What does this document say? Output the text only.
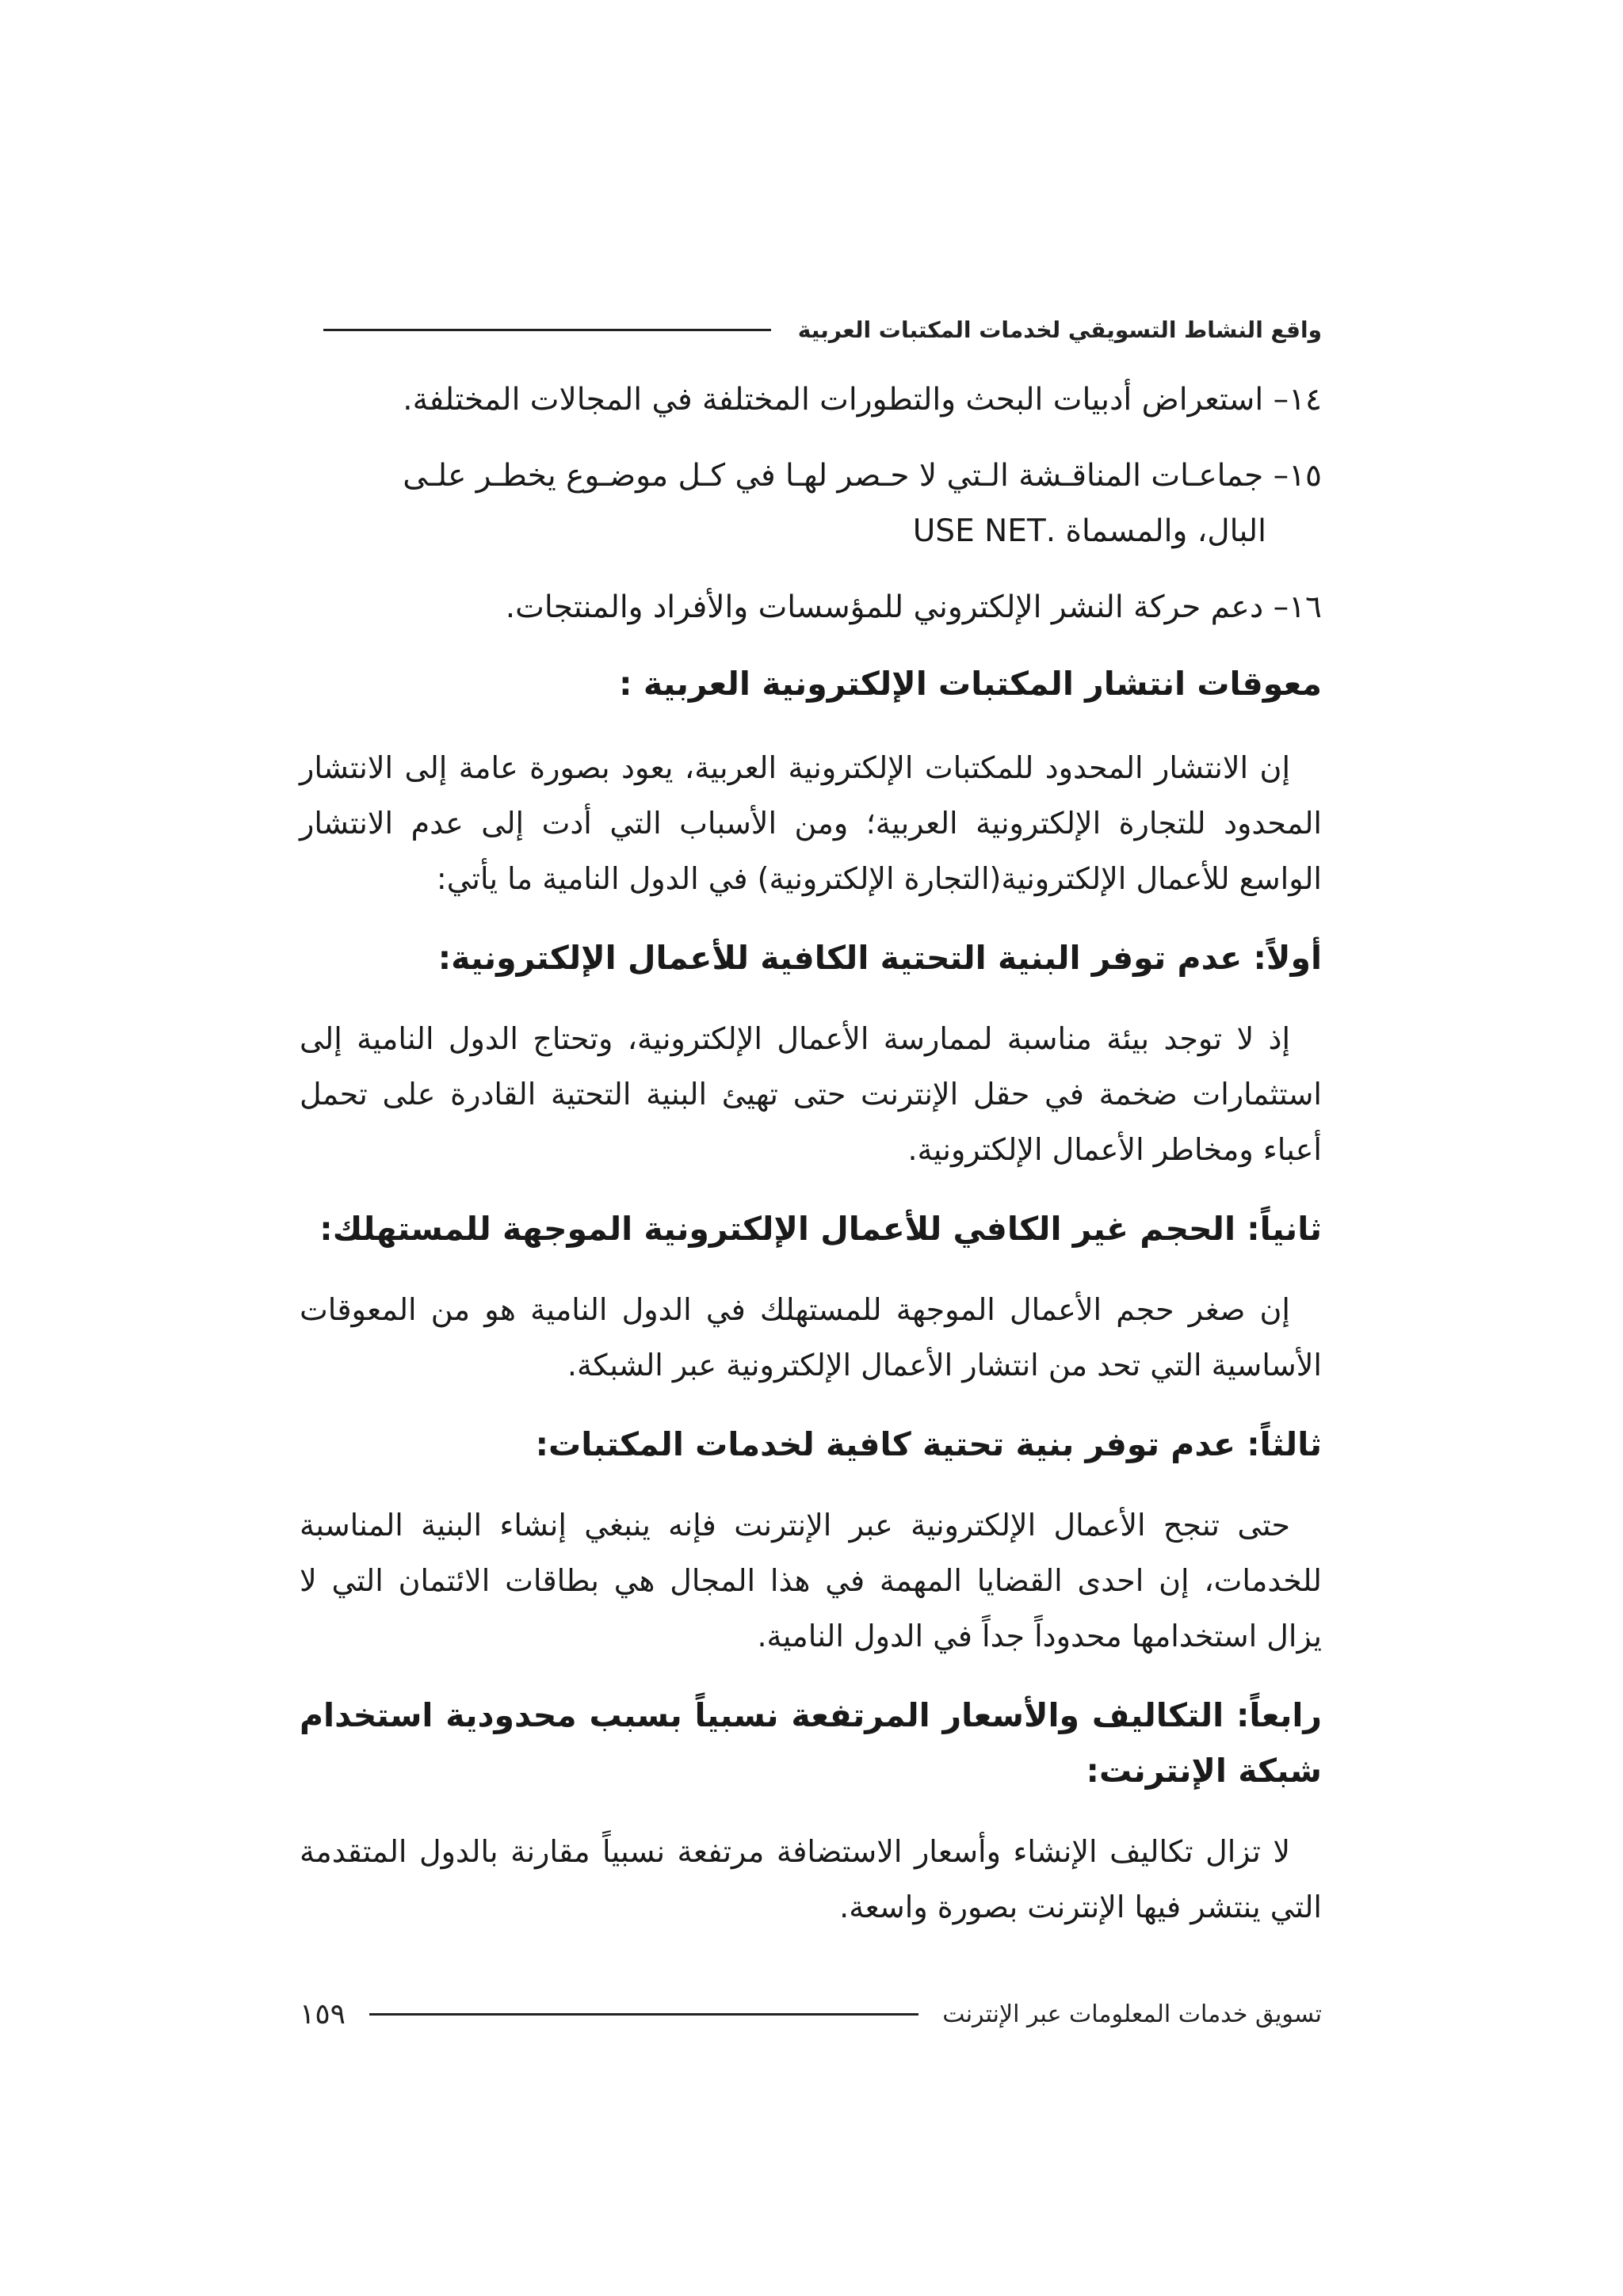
واقع النشاط التسويقي لخدمات المكتبات العربية

١٤– استعراض أدبيات البحث والتطورات المختلفة في المجالات المختلفة.

١٥– جماعـات المناقـشة الـتي لا حـصر لهـا في كـل موضـوع يخطـر علـى
البال، والمسماة .USE NET

١٦– دعم حركة النشر الإلكتروني للمؤسسات والأفراد والمنتجات.

معوقات انتشار المكتبات الإلكترونية العربية :

إن الانتشار المحدود للمكتبات الإلكترونية العربية، يعود بصورة عامة إلى الانتشار المحدود للتجارة الإلكترونية العربية؛ ومن الأسباب التي أدت إلى عدم الانتشار الواسع للأعمال الإلكترونية(التجارة الإلكترونية) في الدول النامية ما يأتي:

أولاً: عدم توفر البنية التحتية الكافية للأعمال الإلكترونية:

إذ لا توجد بيئة مناسبة لممارسة الأعمال الإلكترونية، وتحتاج الدول النامية إلى استثمارات ضخمة في حقل الإنترنت حتى تهيئ البنية التحتية القادرة على تحمل أعباء ومخاطر الأعمال الإلكترونية.

ثانياً: الحجم غير الكافي للأعمال الإلكترونية الموجهة للمستهلك:

إن صغر حجم الأعمال الموجهة للمستهلك في الدول النامية هو من المعوقات الأساسية التي تحد من انتشار الأعمال الإلكترونية عبر الشبكة.

ثالثاً: عدم توفر بنية تحتية كافية لخدمات المكتبات:

حتى تنجح الأعمال الإلكترونية عبر الإنترنت فإنه ينبغي إنشاء البنية المناسبة للخدمات، إن احدى القضايا المهمة في هذا المجال هي بطاقات الائتمان التي لا يزال استخدامها محدوداً جداً في الدول النامية.

رابعاً: التكاليف والأسعار المرتفعة نسبياً بسبب محدودية استخدام شبكة الإنترنت:

لا تزال تكاليف الإنشاء وأسعار الاستضافة مرتفعة نسبياً مقارنة بالدول المتقدمة التي ينتشر فيها الإنترنت بصورة واسعة.

تسويق خدمات المعلومات عبر الإنترنت
١٥٩
